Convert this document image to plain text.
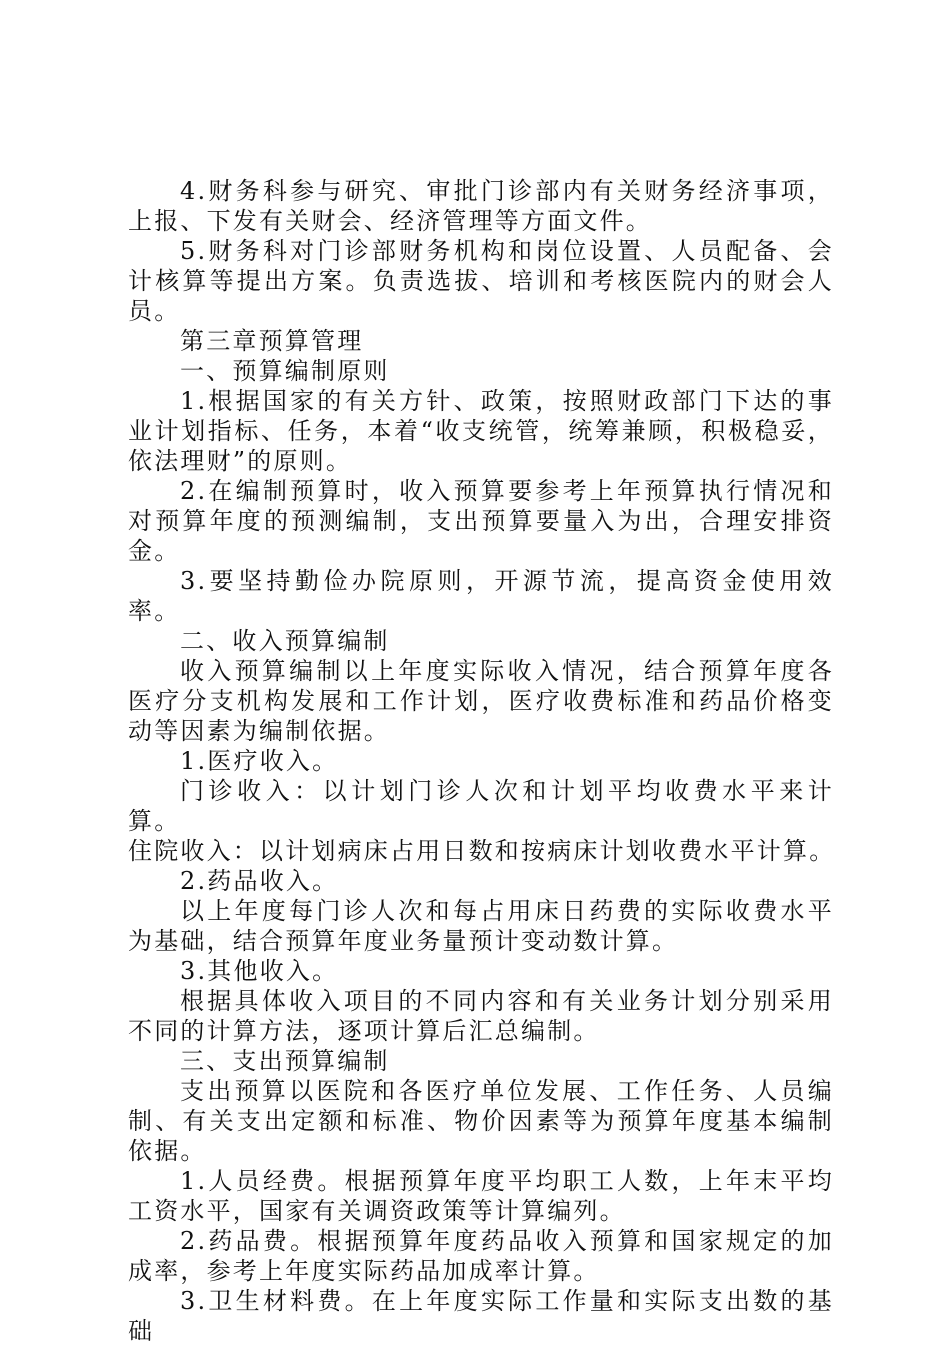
4.财务科参与研究、审批门诊部内有关财务经济事项，上报、下发有关财会、经济管理等方面文件。

5.财务科对门诊部财务机构和岗位设置、人员配备、会计核算等提出方案。负责选拔、培训和考核医院内的财会人员。

第三章预算管理

一、预算编制原则

1.根据国家的有关方针、政策，按照财政部门下达的事业计划指标、任务，本着“收支统管，统筹兼顾，积极稳妥，依法理财”的原则。

2.在编制预算时，收入预算要参考上年预算执行情况和对预算年度的预测编制，支出预算要量入为出，合理安排资金。

3.要坚持勤俭办院原则，开源节流，提高资金使用效率。

二、收入预算编制

收入预算编制以上年度实际收入情况，结合预算年度各医疗分支机构发展和工作计划，医疗收费标准和药品价格变动等因素为编制依据。

1.医疗收入。

门诊收入：以计划门诊人次和计划平均收费水平来计算。

住院收入：以计划病床占用日数和按病床计划收费水平计算。

2.药品收入。

以上年度每门诊人次和每占用床日药费的实际收费水平为基础，结合预算年度业务量预计变动数计算。

3.其他收入。

根据具体收入项目的不同内容和有关业务计划分别采用不同的计算方法，逐项计算后汇总编制。

三、支出预算编制

支出预算以医院和各医疗单位发展、工作任务、人员编制、有关支出定额和标准、物价因素等为预算年度基本编制依据。

1.人员经费。根据预算年度平均职工人数，上年末平均工资水平，国家有关调资政策等计算编列。

2.药品费。根据预算年度药品收入预算和国家规定的加成率，参考上年度实际药品加成率计算。

3.卫生材料费。在上年度实际工作量和实际支出数的基础
